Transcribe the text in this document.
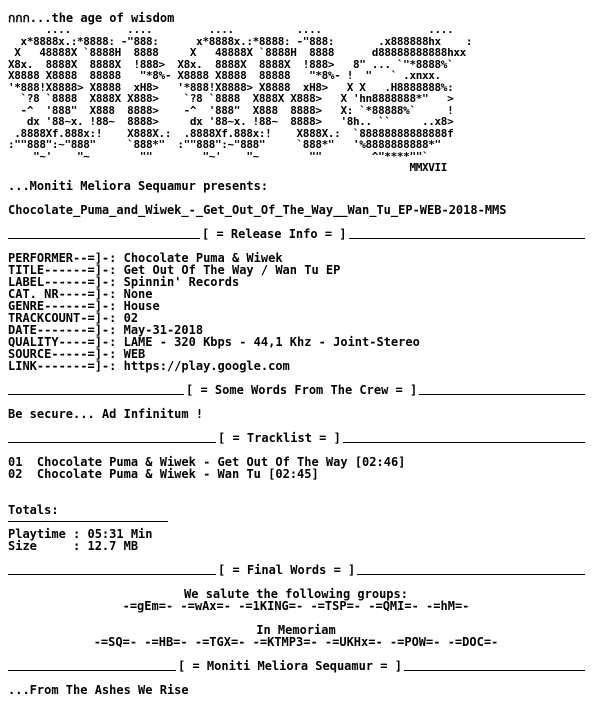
กกก...the age of wisdom
....         ....         ....          ....                 ....
x*8888x.:*8888: -"888:      x*8888x.:*8888: -"888:       .x888888hx    :
X   48888X `8888H  8888     X   48888X `8888H  8888      d88888888888hxx
X8x.  8888X  8888X  !888>  X8x.  8888X  8888X  !888>   8" ... `"*8888%`
X8888 X8888  88888   "*8%- X8888 X8888  88888   "*8%- !  "   ` .xnxx.
'*888!X8888> X8888  xH8>   '*888!X8888> X8888  xH8>   X X   .H8888888%:
`?8 `8888  X888X X888>    `?8 `8888  X888X X888>   X 'hn8888888*"   >
-^  '888"  X888  8888>    -^  '888"  X888  8888>   X: `*88888%`     !
dx '88~x. !88~  8888>     dx '88~x. !88~  8888>   '8h.. ``     ..x8>
.8888Xf.888x:!    X888X.:  .8888Xf.888x:!    X888X.:  `88888888888888f
:""888":~"888"     `888*"  :""888":~"888"     `888*"   '%8888888888*"
"~'    "~        ""        "~'    "~        ""        ^"****""`
MMXVII
...Moniti Meliora Sequamur presents:
Chocolate_Puma_and_Wiwek_-_Get_Out_Of_The_Way__Wan_Tu_EP-WEB-2018-MMS
[ = Release Info = ]
PERFORMER--=]-: Chocolate Puma & Wiwek
TITLE------=]-: Get Out Of The Way / Wan Tu EP
LABEL------=]-: Spinnin' Records
CAT. NR----=]-: None
GENRE------=]-: House
TRACKCOUNT-=]-: 02
DATE-------=]-: May-31-2018
QUALITY----=]-: LAME - 320 Kbps - 44,1 Khz - Joint-Stereo
SOURCE-----=]-: WEB
LINK-------=]-: https://play.google.com
[ = Some Words From The Crew = ]
Be secure... Ad Infinitum !
[ = Tracklist = ]
01 Chocolate Puma & Wiwek - Get Out Of The Way [02:46]
02 Chocolate Puma & Wiwek - Wan Tu [02:45]
Totals:
Playtime : 05:31 Min
Size     : 12.7 MB
[ = Final Words = ]
We salute the following groups:
-=gEm=- -=wAx=- -=1KING=- -=TSP=- -=QMI=- -=hM=-
In Memoriam
-=SQ=- -=HB=- -=TGX=- -=KTMP3=- -=UKHx=- -=POW=- -=DOC=-
[ = Moniti Meliora Sequamur = ]
...From The Ashes We Rise
